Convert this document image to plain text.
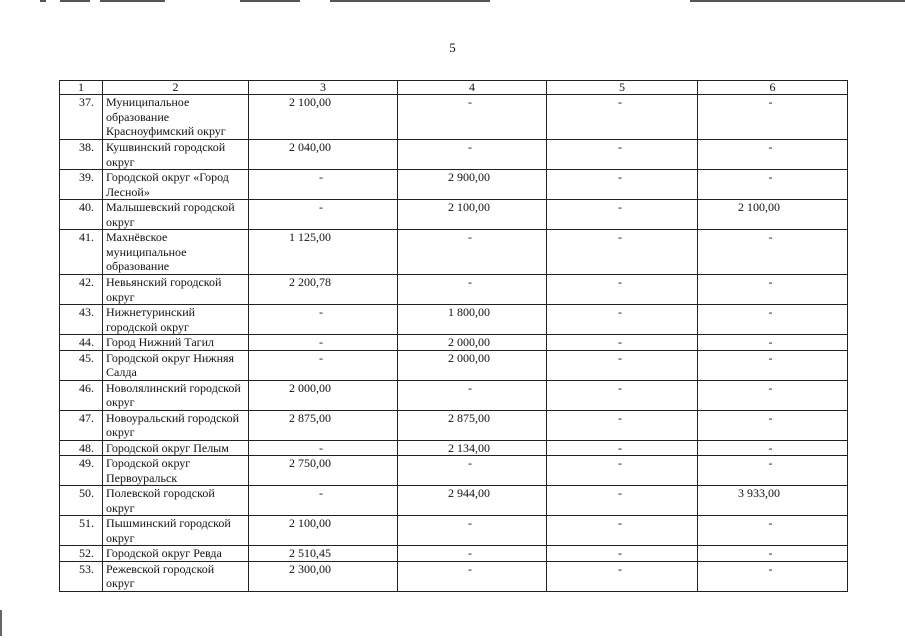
5
1	2	3	4	5	6
37.	Муниципальное образование Красноуфимский округ	2 100,00	-	-	-
38.	Кушвинский городской округ	2 040,00	-	-	-
39.	Городской округ «Город Лесной»	-	2 900,00	-	-
40.	Малышевский городской округ	-	2 100,00	-	2 100,00
41.	Махнёвское муниципальное образование	1 125,00	-	-	-
42.	Невьянский городской округ	2 200,78	-	-	-
43.	Нижнетуринский городской округ	-	1 800,00	-	-
44.	Город Нижний Тагил	-	2 000,00	-	-
45.	Городской округ Нижняя Салда	-	2 000,00	-	-
46.	Новолялинский городской округ	2 000,00	-	-	-
47.	Новоуральский городской округ	2 875,00	2 875,00	-	-
48.	Городской округ Пелым	-	2 134,00	-	-
49.	Городской округ Первоуральск	2 750,00	-	-	-
50.	Полевской городской округ	-	2 944,00	-	3 933,00
51.	Пышминский городской округ	2 100,00	-	-	-
52.	Городской округ Ревда	2 510,45	-	-	-
53.	Режевской городской округ	2 300,00	-	-	-
